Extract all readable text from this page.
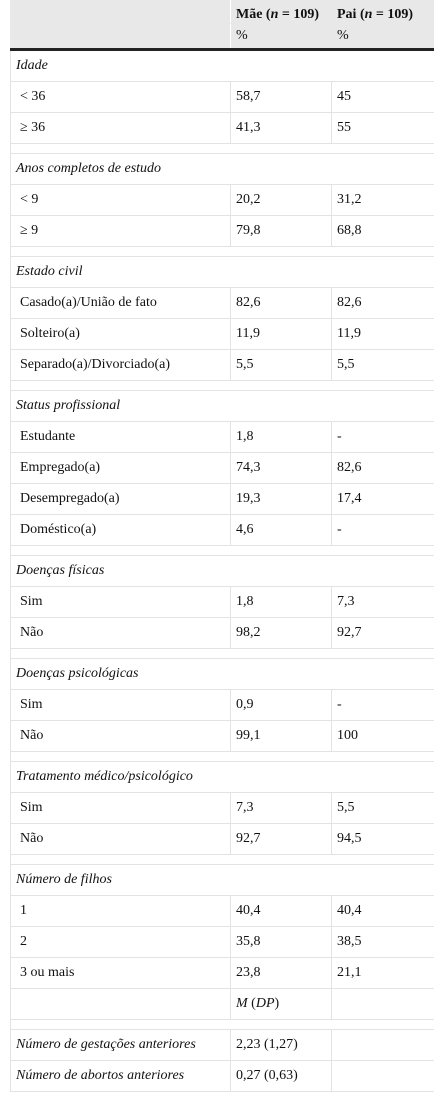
	Mãe (n = 109)	Pai (n = 109)
	%	%
Idade		
< 36	58,7	45
≥ 36	41,3	55

Anos completos de estudo		
< 9	20,2	31,2
≥ 9	79,8	68,8

Estado civil		
Casado(a)/União de fato	82,6	82,6
Solteiro(a)	11,9	11,9
Separado(a)/Divorciado(a)	5,5	5,5

Status profissional		
Estudante	1,8	-
Empregado(a)	74,3	82,6
Desempregado(a)	19,3	17,4
Doméstico(a)	4,6	-

Doenças físicas		
Sim	1,8	7,3
Não	98,2	92,7

Doenças psicológicas		
Sim	0,9	-
Não	99,1	100

Tratamento médico/psicológico		
Sim	7,3	5,5
Não	92,7	94,5

Número de filhos		
1	40,4	40,4
2	35,8	38,5
3 ou mais	23,8	21,1
	M (DP)	

Número de gestações anteriores	2,23 (1,27)	
Número de abortos anteriores	0,27 (0,63)	
